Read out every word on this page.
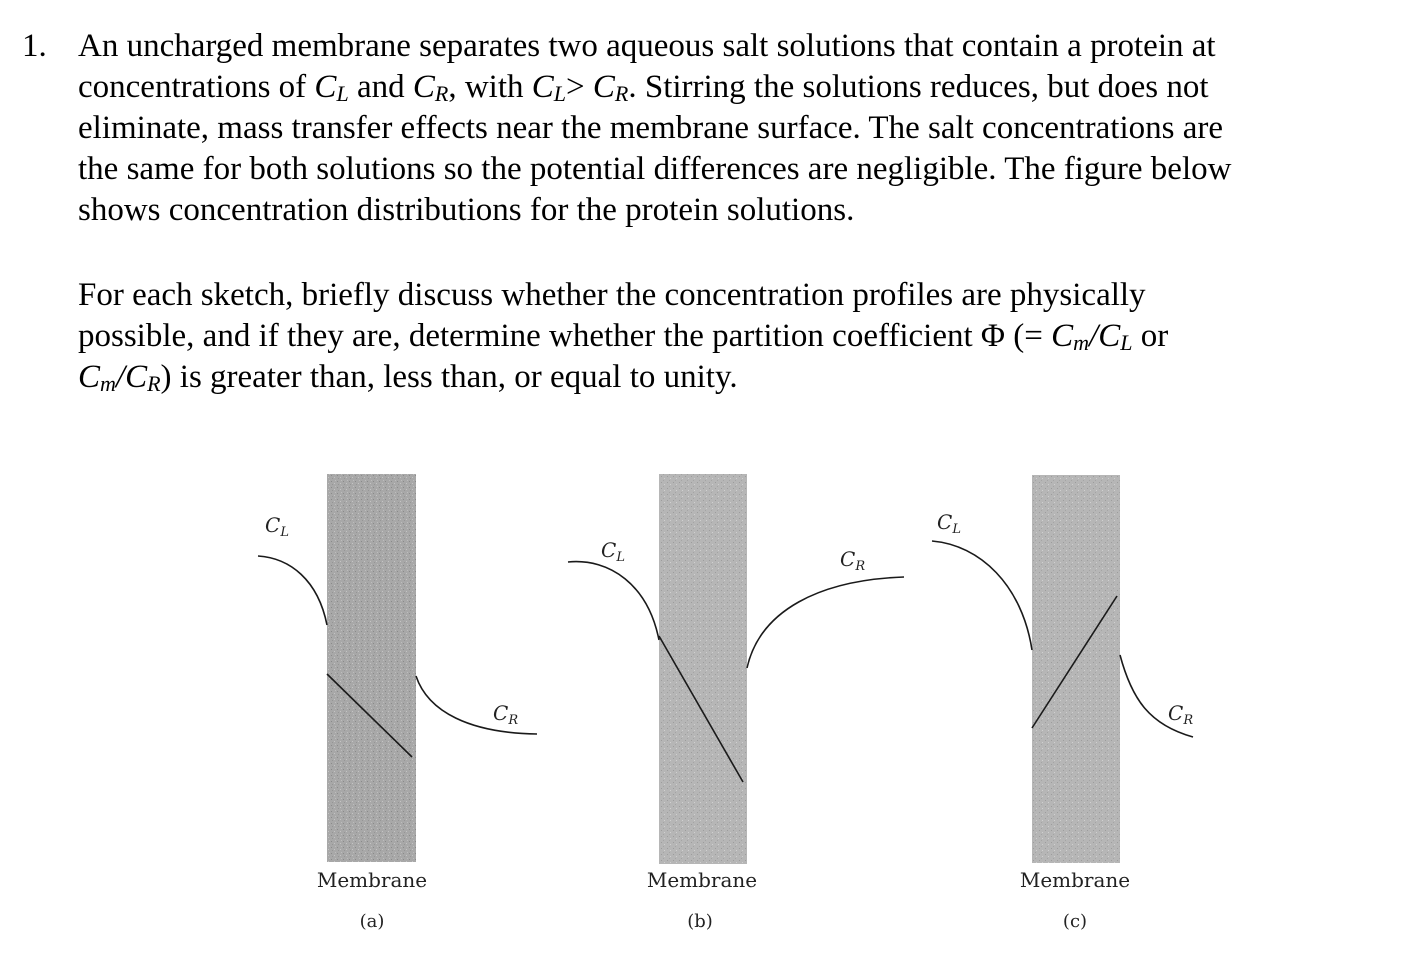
1. An uncharged membrane separates two aqueous salt solutions that contain a protein at
concentrations of CL and CR, with CL> CR. Stirring the solutions reduces, but does not
eliminate, mass transfer effects near the membrane surface. The salt concentrations are
the same for both solutions so the potential differences are negligible. The figure below
shows concentration distributions for the protein solutions.
For each sketch, briefly discuss whether the concentration profiles are physically
possible, and if they are, determine whether the partition coefficient Φ (= Cm/CL or
Cm/CR) is greater than, less than, or equal to unity.
$C_L$
$C_R$
$C_L$	$C_R$
$C_L$
$C_R$
Membrane
(a)
Membrane
(b)
Membrane
(c)
